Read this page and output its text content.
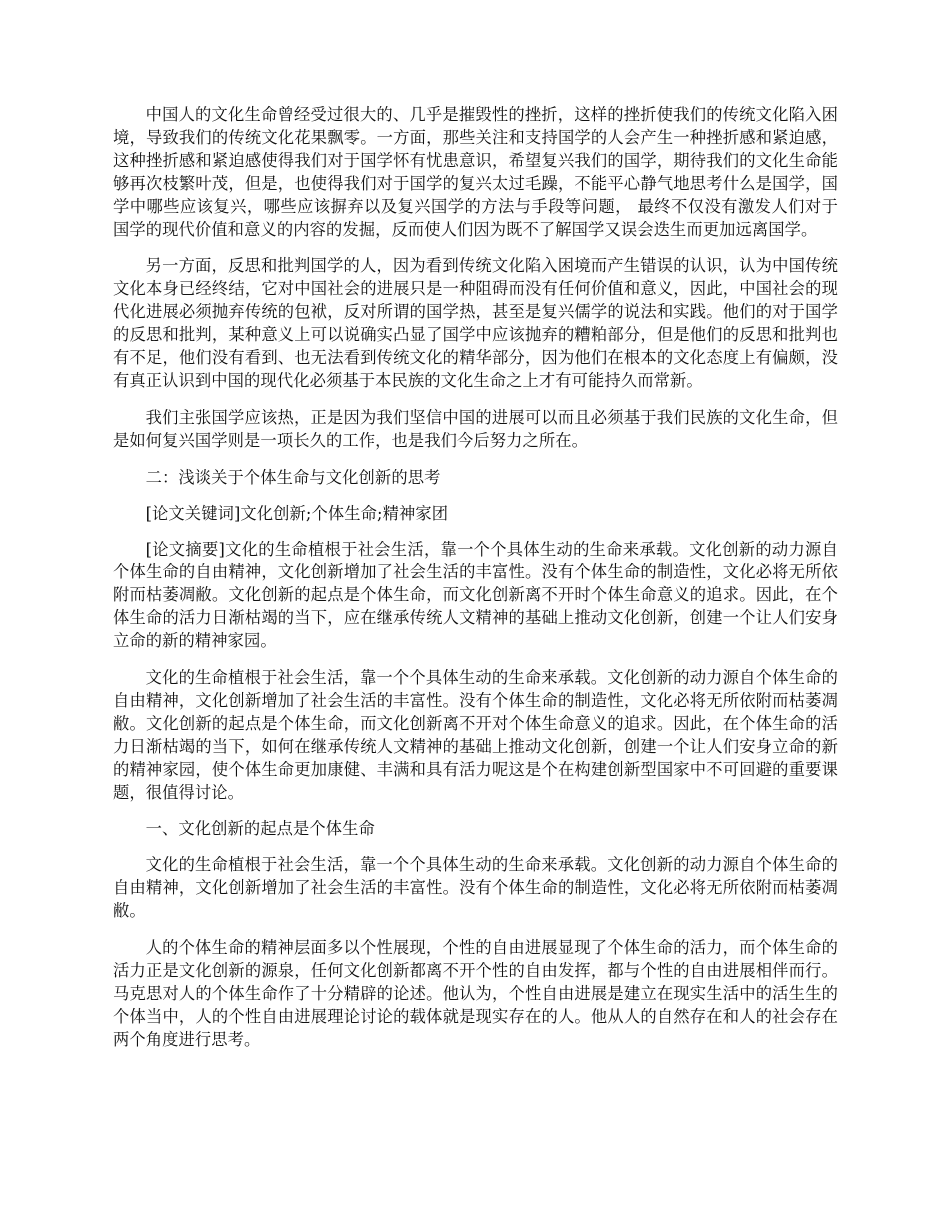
中国人的文化生命曾经受过很大的、几乎是摧毁性的挫折，这样的挫折使我们的传统文化陷入困境，导致我们的传统文化花果飘零。一方面，那些关注和支持国学的人会产生一种挫折感和紧迫感，这种挫折感和紧迫感使得我们对于国学怀有忧患意识，希望复兴我们的国学，期待我们的文化生命能够再次枝繁叶茂，但是，也使得我们对于国学的复兴太过毛躁，不能平心静气地思考什么是国学，国学中哪些应该复兴，哪些应该摒弃以及复兴国学的方法与手段等问题， 最终不仅没有激发人们对于国学的现代价值和意义的内容的发掘，反而使人们因为既不了解国学又误会迭生而更加远离国学。

另一方面，反思和批判国学的人，因为看到传统文化陷入困境而产生错误的认识，认为中国传统文化本身已经终结，它对中国社会的进展只是一种阻碍而没有任何价值和意义，因此，中国社会的现代化进展必须抛弃传统的包袱，反对所谓的国学热，甚至是复兴儒学的说法和实践。他们的对于国学的反思和批判，某种意义上可以说确实凸显了国学中应该抛弃的糟粕部分，但是他们的反思和批判也有不足，他们没有看到、也无法看到传统文化的精华部分，因为他们在根本的文化态度上有偏颇，没有真正认识到中国的现代化必须基于本民族的文化生命之上才有可能持久而常新。

我们主张国学应该热，正是因为我们坚信中国的进展可以而且必须基于我们民族的文化生命，但是如何复兴国学则是一项长久的工作，也是我们今后努力之所在。

二：浅谈关于个体生命与文化创新的思考

[论文关键词]文化创新;个体生命;精神家团

[论文摘要]文化的生命植根于社会生活，靠一个个具体生动的生命来承载。文化创新的动力源自个体生命的自由精神，文化创新增加了社会生活的丰富性。没有个体生命的制造性，文化必将无所依附而枯萎凋敝。文化创新的起点是个体生命，而文化创新离不开时个体生命意义的追求。因此，在个体生命的活力日渐枯竭的当下，应在继承传统人文精神的基础上推动文化创新，创建一个让人们安身立命的新的精神家园。

文化的生命植根于社会生活，靠一个个具体生动的生命来承载。文化创新的动力源自个体生命的自由精神，文化创新增加了社会生活的丰富性。没有个体生命的制造性，文化必将无所依附而枯萎凋敝。文化创新的起点是个体生命，而文化创新离不开对个体生命意义的追求。因此，在个体生命的活力日渐枯竭的当下，如何在继承传统人文精神的基础上推动文化创新，创建一个让人们安身立命的新的精神家园，使个体生命更加康健、丰满和具有活力呢这是个在构建创新型国家中不可回避的重要课题，很值得讨论。

一、文化创新的起点是个体生命

文化的生命植根于社会生活，靠一个个具体生动的生命来承载。文化创新的动力源自个体生命的自由精神，文化创新增加了社会生活的丰富性。没有个体生命的制造性，文化必将无所依附而枯萎凋敝。

人的个体生命的精神层面多以个性展现，个性的自由进展显现了个体生命的活力，而个体生命的活力正是文化创新的源泉，任何文化创新都离不开个性的自由发挥，都与个性的自由进展相伴而行。马克思对人的个体生命作了十分精辟的论述。他认为，个性自由进展是建立在现实生活中的活生生的个体当中，人的个性自由进展理论讨论的载体就是现实存在的人。他从人的自然存在和人的社会存在两个角度进行思考。
